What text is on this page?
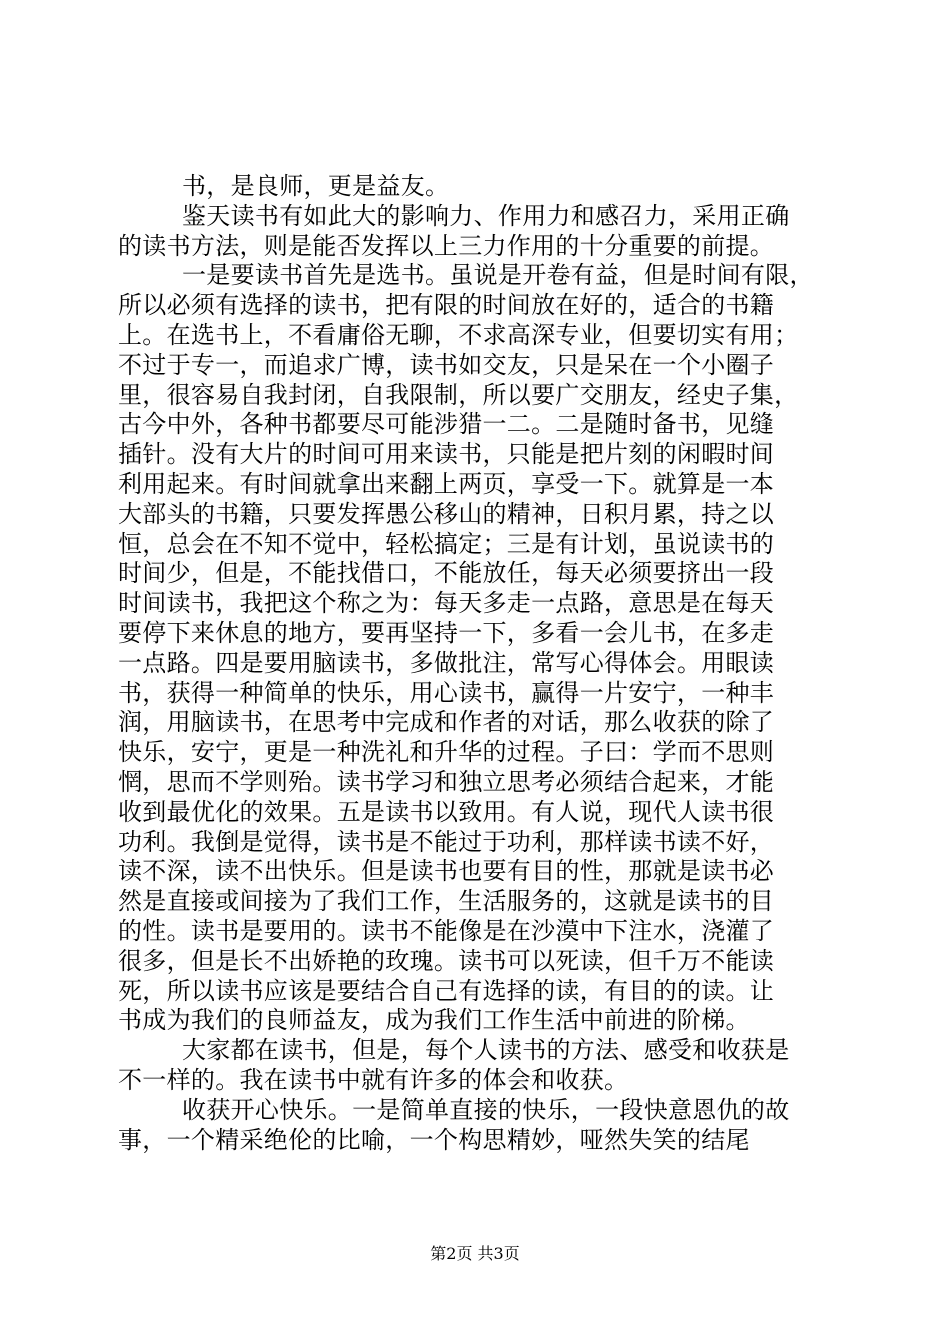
书，是良师，更是益友。
鉴天读书有如此大的影响力、作用力和感召力，采用正确
的读书方法，则是能否发挥以上三力作用的十分重要的前提。
一是要读书首先是选书。虽说是开卷有益，但是时间有限，
所以必须有选择的读书，把有限的时间放在好的，适合的书籍
上。在选书上，不看庸俗无聊，不求高深专业，但要切实有用；
不过于专一，而追求广博，读书如交友，只是呆在一个小圈子
里，很容易自我封闭，自我限制，所以要广交朋友，经史子集，
古今中外，各种书都要尽可能涉猎一二。二是随时备书，见缝
插针。没有大片的时间可用来读书，只能是把片刻的闲暇时间
利用起来。有时间就拿出来翻上两页，享受一下。就算是一本
大部头的书籍，只要发挥愚公移山的精神，日积月累，持之以
恒，总会在不知不觉中，轻松搞定；三是有计划，虽说读书的
时间少，但是，不能找借口，不能放任，每天必须要挤出一段
时间读书，我把这个称之为：每天多走一点路，意思是在每天
要停下来休息的地方，要再坚持一下，多看一会儿书，在多走
一点路。四是要用脑读书，多做批注，常写心得体会。用眼读
书，获得一种简单的快乐，用心读书，赢得一片安宁，一种丰
润，用脑读书，在思考中完成和作者的对话，那么收获的除了
快乐，安宁，更是一种洗礼和升华的过程。子曰：学而不思则
惘，思而不学则殆。读书学习和独立思考必须结合起来，才能
收到最优化的效果。五是读书以致用。有人说，现代人读书很
功利。我倒是觉得，读书是不能过于功利，那样读书读不好，
读不深，读不出快乐。但是读书也要有目的性，那就是读书必
然是直接或间接为了我们工作，生活服务的，这就是读书的目
的性。读书是要用的。读书不能像是在沙漠中下注水，浇灌了
很多，但是长不出娇艳的玫瑰。读书可以死读，但千万不能读
死，所以读书应该是要结合自己有选择的读，有目的的读。让
书成为我们的良师益友，成为我们工作生活中前进的阶梯。
大家都在读书，但是，每个人读书的方法、感受和收获是
不一样的。我在读书中就有许多的体会和收获。
收获开心快乐。一是简单直接的快乐，一段快意恩仇的故
事，一个精采绝伦的比喻，一个构思精妙，哑然失笑的结尾
第2页 共3页
